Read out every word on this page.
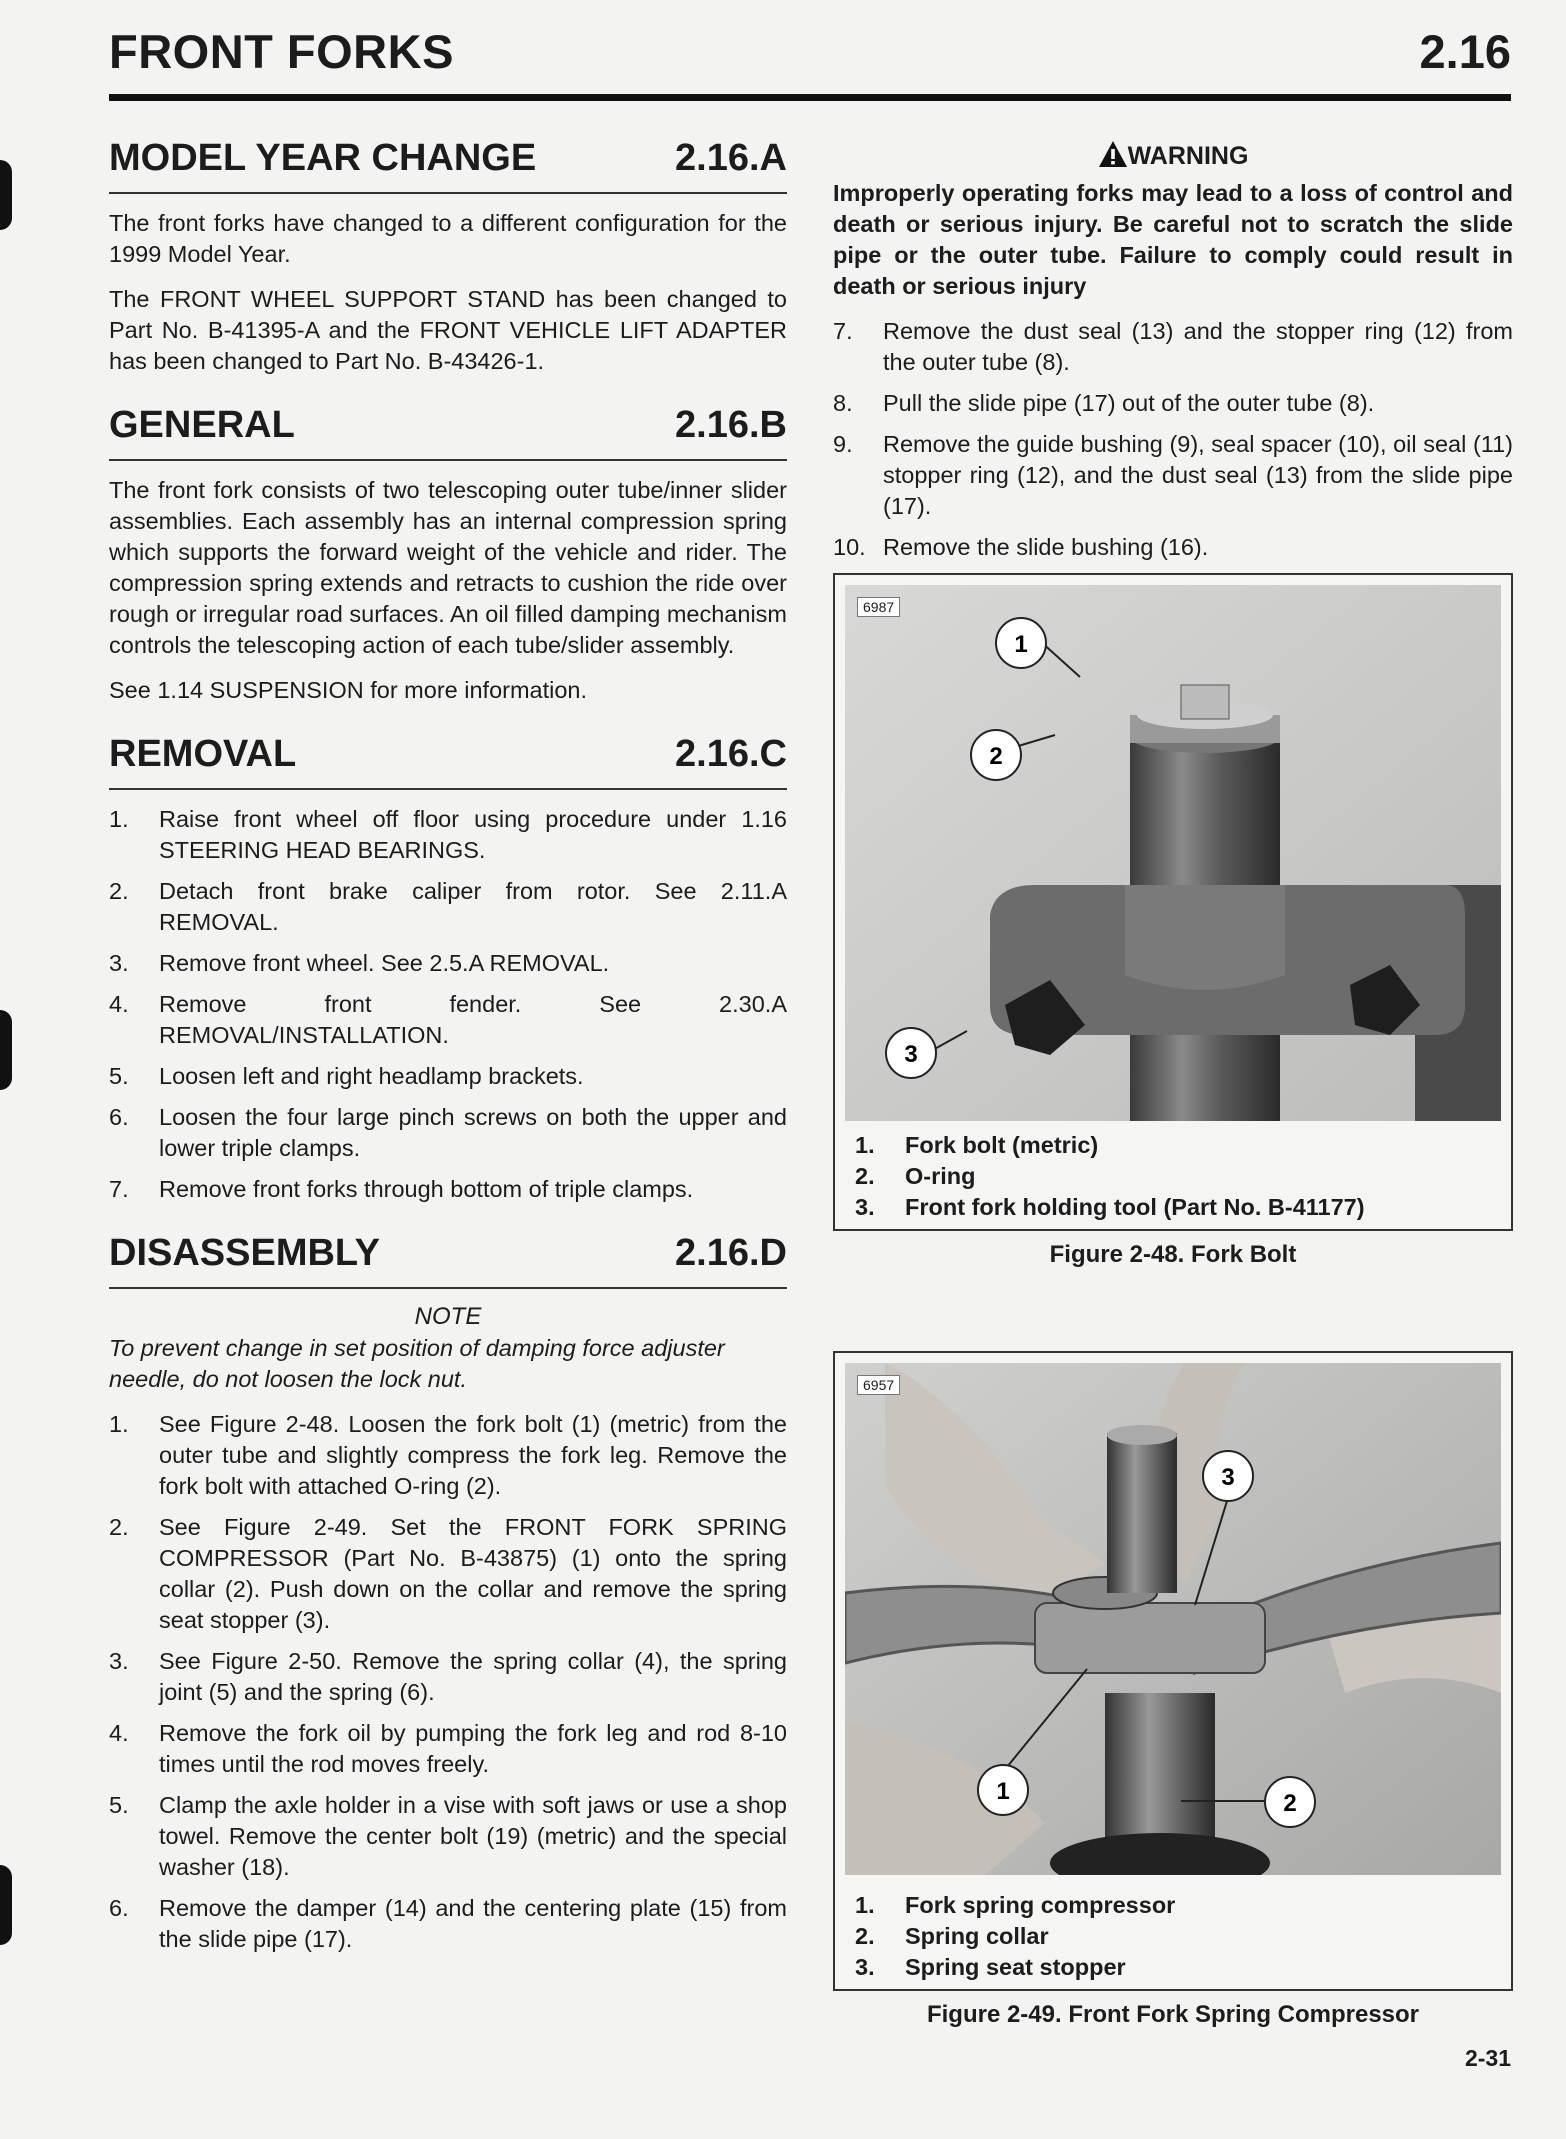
FRONT FORKS	2.16
MODEL YEAR CHANGE	2.16.A

The front forks have changed to a different configuration for the 1999 Model Year.

The FRONT WHEEL SUPPORT STAND has been changed to Part No. B-41395-A and the FRONT VEHICLE LIFT ADAPTER has been changed to Part No. B-43426-1.

GENERAL	2.16.B

The front fork consists of two telescoping outer tube/inner slider assemblies. Each assembly has an internal compression spring which supports the forward weight of the vehicle and rider. The compression spring extends and retracts to cushion the ride over rough or irregular road surfaces. An oil filled damping mechanism controls the telescoping action of each tube/slider assembly.

See 1.14 SUSPENSION for more information.

REMOVAL	2.16.C
1. Raise front wheel off floor using procedure under 1.16 STEERING HEAD BEARINGS.
2. Detach front brake caliper from rotor. See 2.11.A REMOVAL.
3. Remove front wheel. See 2.5.A REMOVAL.
4. Remove front fender. See 2.30.A REMOVAL/INSTALLATION.
5. Loosen left and right headlamp brackets.
6. Loosen the four large pinch screws on both the upper and lower triple clamps.
7. Remove front forks through bottom of triple clamps.
DISASSEMBLY	2.16.D
NOTE

To prevent change in set position of damping force adjuster needle, do not loosen the lock nut.

1. See Figure 2-48. Loosen the fork bolt (1) (metric) from the outer tube and slightly compress the fork leg. Remove the fork bolt with attached O-ring (2).
2. See Figure 2-49. Set the FRONT FORK SPRING COMPRESSOR (Part No. B-43875) (1) onto the spring collar (2). Push down on the collar and remove the spring seat stopper (3).
3. See Figure 2-50. Remove the spring collar (4), the spring joint (5) and the spring (6).
4. Remove the fork oil by pumping the fork leg and rod 8-10 times until the rod moves freely.
5. Clamp the axle holder in a vise with soft jaws or use a shop towel. Remove the center bolt (19) (metric) and the special washer (18).
6. Remove the damper (14) and the centering plate (15) from the slide pipe (17).
WARNING

Improperly operating forks may lead to a loss of control and death or serious injury. Be careful not to scratch the slide pipe or the outer tube. Failure to comply could result in death or serious injury

7. Remove the dust seal (13) and the stopper ring (12) from the outer tube (8).
8. Pull the slide pipe (17) out of the outer tube (8).
9. Remove the guide bushing (9), seal spacer (10), oil seal (11) stopper ring (12), and the dust seal (13) from the slide pipe (17).
10. Remove the slide bushing (16).
6987
1
2
3
1. Fork bolt (metric)
2. O-ring
3. Front fork holding tool (Part No. B-41177)
Figure 2-48. Fork Bolt
6957
3
1	2
1. Fork spring compressor
2. Spring collar
3. Spring seat stopper
Figure 2-49. Front Fork Spring Compressor
2-31
